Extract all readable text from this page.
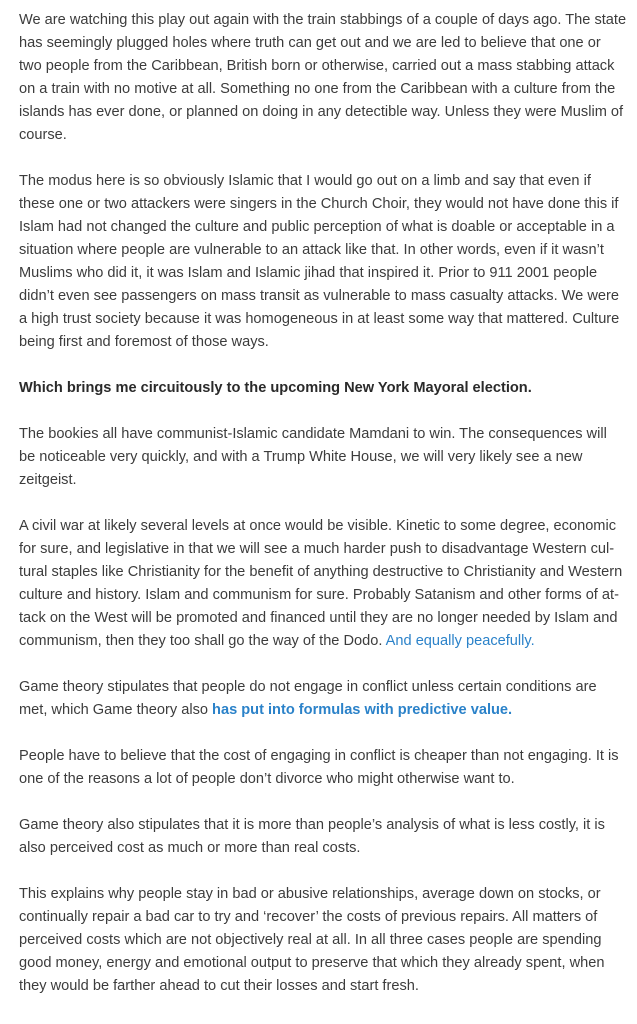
We are watching this play out again with the train stabbings of a couple of days ago. The state has seemingly plugged holes where truth can get out and we are led to believe that one or two people from the Caribbean, British born or otherwise, carried out a mass stabbing attack on a train with no motive at all. Something no one from the Caribbean with a culture from the islands has ever done, or planned on doing in any detectible way. Unless they were Muslim of course.

The modus here is so obviously Islamic that I would go out on a limb and say that even if these one or two attackers were singers in the Church Choir, they would not have done this if Islam had not changed the culture and public perception of what is doable or acceptable in a situation where people are vulnerable to an attack like that. In other words, even if it wasn’t Muslims who did it, it was Islam and Islamic jihad that inspired it. Prior to 911 2001 people didn’t even see passengers on mass transit as vulnerable to mass casualty attacks. We were a high trust society because it was homogeneous in at least some way that mattered. Culture being first and foremost of those ways.

Which brings me circuitously to the upcoming New York Mayoral election.

The bookies all have communist-Islamic candidate Mamdani to win. The consequences will be noticeable very quickly, and with a Trump White House, we will very likely see a new zeitgeist.

A civil war at likely several levels at once would be visible. Kinetic to some degree, economic for sure, and legislative in that we will see a much harder push to disadvantage Western cultural staples like Christianity for the benefit of anything destructive to Christianity and Western culture and history. Islam and communism for sure. Probably Satanism and other forms of attack on the West will be promoted and financed until they are no longer needed by Islam and communism, then they too shall go the way of the Dodo. And equally peacefully.

Game theory stipulates that people do not engage in conflict unless certain conditions are met, which Game theory also has put into formulas with predictive value.

People have to believe that the cost of engaging in conflict is cheaper than not engaging. It is one of the reasons a lot of people don’t divorce who might otherwise want to.

Game theory also stipulates that it is more than people’s analysis of what is less costly, it is also perceived cost as much or more than real costs.

This explains why people stay in bad or abusive relationships, average down on stocks, or continually repair a bad car to try and ‘recover’ the costs of previous repairs. All matters of perceived costs which are not objectively real at all. In all three cases people are spending good money, energy and emotional output to preserve that which they already spent, when they would be farther ahead to cut their losses and start fresh.
